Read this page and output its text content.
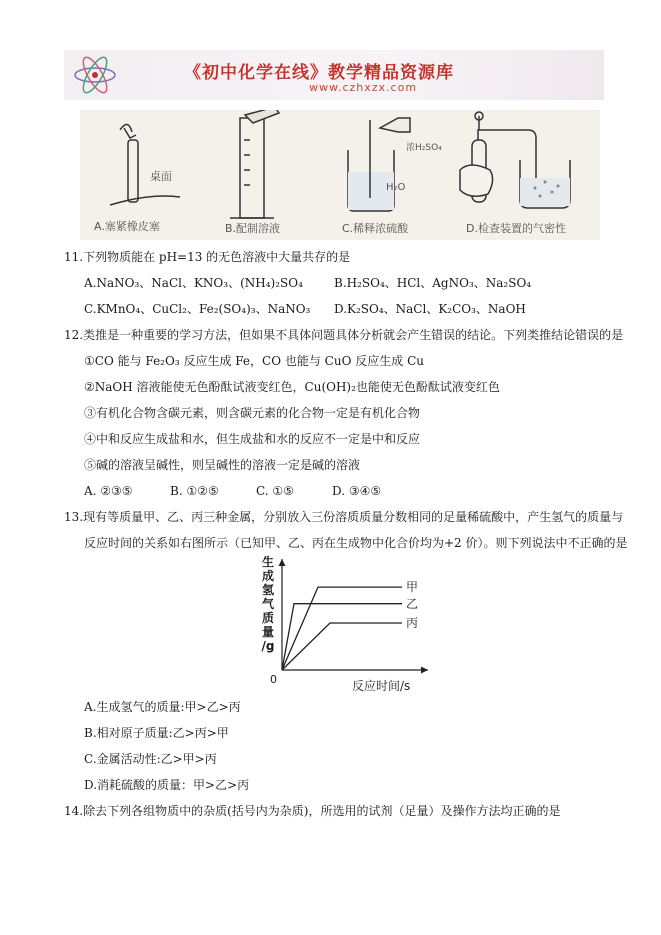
《初中化学在线》教学精品资源库
www.czhxzx.com
桌面
浓H₂SO₄
H₂O
A.塞紧橡皮塞	B.配制溶液	C.稀释浓硫酸	D.检查装置的气密性
11.下列物质能在 pH=13 的无色溶液中大量共存的是
A.NaNO₃、NaCl、KNO₃、(NH₄)₂SO₄	B.H₂SO₄、HCl、AgNO₃、Na₂SO₄
C.KMnO₄、CuCl₂、Fe₂(SO₄)₃、NaNO₃ D.K₂SO₄、NaCl、K₂CO₃、NaOH
12.类推是一种重要的学习方法，但如果不具体问题具体分析就会产生错误的结论。下列类推结论错误的是
①CO 能与 Fe₂O₃ 反应生成 Fe，CO 也能与 CuO 反应生成 Cu
②NaOH 溶液能使无色酚酞试液变红色，Cu(OH)₂也能使无色酚酞试液变红色
③有机化合物含碳元素，则含碳元素的化合物一定是有机化合物
④中和反应生成盐和水，但生成盐和水的反应不一定是中和反应
⑤碱的溶液呈碱性，则呈碱性的溶液一定是碱的溶液
A. ②③⑤	B. ①②⑤	C. ①⑤	D. ③④⑤
13.现有等质量甲、乙、丙三种金属，分别放入三份溶质质量分数相同的足量稀硫酸中，产生氢气的质量与
反应时间的关系如右图所示（已知甲、乙、丙在生成物中化合价均为+2 价）。则下列说法中不正确的是
生
成
氢
气
质
量
/g
0	反应时间/s
甲
乙
丙
A.生成氢气的质量:甲>乙>丙
B.相对原子质量:乙>丙>甲
C.金属活动性:乙>甲>丙
D.消耗硫酸的质量：甲>乙>丙
14.除去下列各组物质中的杂质(括号内为杂质)，所选用的试剂（足量）及操作方法均正确的是
